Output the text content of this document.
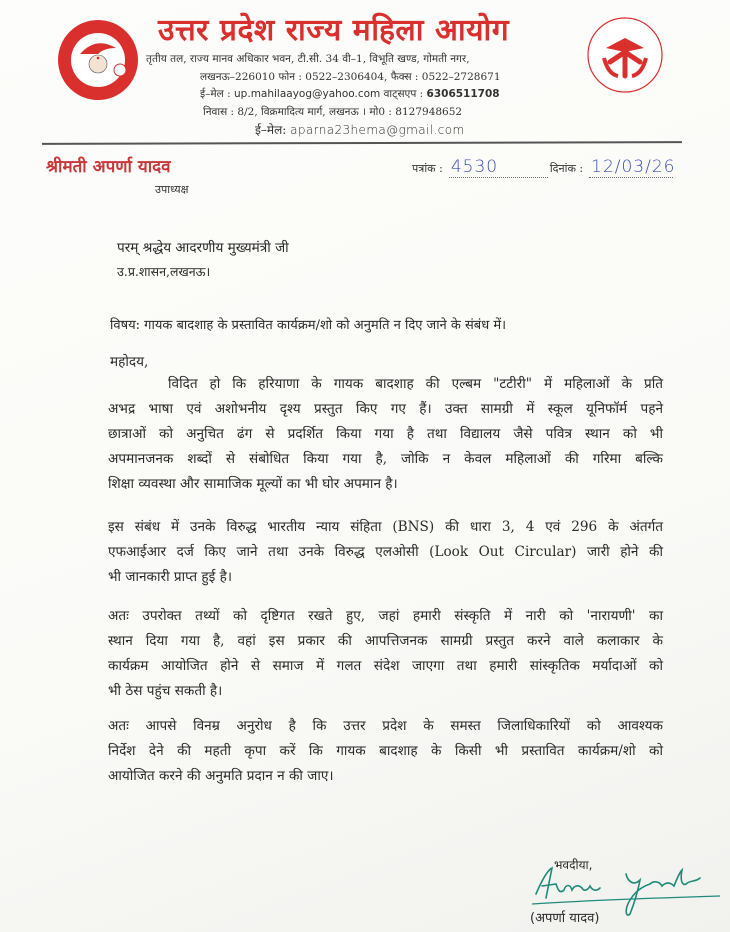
उत्तर प्रदेश राज्य महिला आयोग
तृतीय तल, राज्य मानव अधिकार भवन, टी.सी. 34 वी–1, विभूति खण्ड, गोमती नगर,
लखनऊ–226010 फोन : 0522–2306404, फैक्स : 0522–2728671
ई–मेल : up.mahilaayog@yahoo.com वाट्सएप : 6306511708
निवास : 8/2, विक्रमादित्य मार्ग, लखनऊ । मो0 : 8127948652
ई–मेल: aparna23hema@gmail.com
श्रीमती अपर्णा यादव
उपाध्यक्ष
पत्रांक : 4530	दिनांक : 12/03/26
परम् श्रद्धेय आदरणीय मुख्यमंत्री जी
उ.प्र.शासन,लखनऊ।
विषय: गायक बादशाह के प्रस्तावित कार्यक्रम/शो को अनुमति न दिए जाने के संबंध में।
महोदय,
विदित हो कि हरियाणा के गायक बादशाह की एल्बम "टटीरी" में महिलाओं के प्रति
अभद्र भाषा एवं अशोभनीय दृश्य प्रस्तुत किए गए हैं। उक्त सामग्री में स्कूल यूनिफॉर्म पहने
छात्राओं को अनुचित ढंग से प्रदर्शित किया गया है तथा विद्यालय जैसे पवित्र स्थान को भी
अपमानजनक शब्दों से संबोधित किया गया है, जोकि न केवल महिलाओं की गरिमा बल्कि
शिक्षा व्यवस्था और सामाजिक मूल्यों का भी घोर अपमान है।
इस संबंध में उनके विरुद्ध भारतीय न्याय संहिता (BNS) की धारा 3, 4 एवं 296 के अंतर्गत
एफआईआर दर्ज किए जाने तथा उनके विरुद्ध एलओसी (Look Out Circular) जारी होने की
भी जानकारी प्राप्त हुई है।
अतः उपरोक्त तथ्यों को दृष्टिगत रखते हुए, जहां हमारी संस्कृति में नारी को 'नारायणी' का
स्थान दिया गया है, वहां इस प्रकार की आपत्तिजनक सामग्री प्रस्तुत करने वाले कलाकार के
कार्यक्रम आयोजित होने से समाज में गलत संदेश जाएगा तथा हमारी सांस्कृतिक मर्यादाओं को
भी ठेस पहुंच सकती है।
अतः आपसे विनम्र अनुरोध है कि उत्तर प्रदेश के समस्त जिलाधिकारियों को आवश्यक
निर्देश देने की महती कृपा करें कि गायक बादशाह के किसी भी प्रस्तावित कार्यक्रम/शो को
आयोजित करने की अनुमति प्रदान न की जाए।
भवदीया,
(अपर्णा यादव)
